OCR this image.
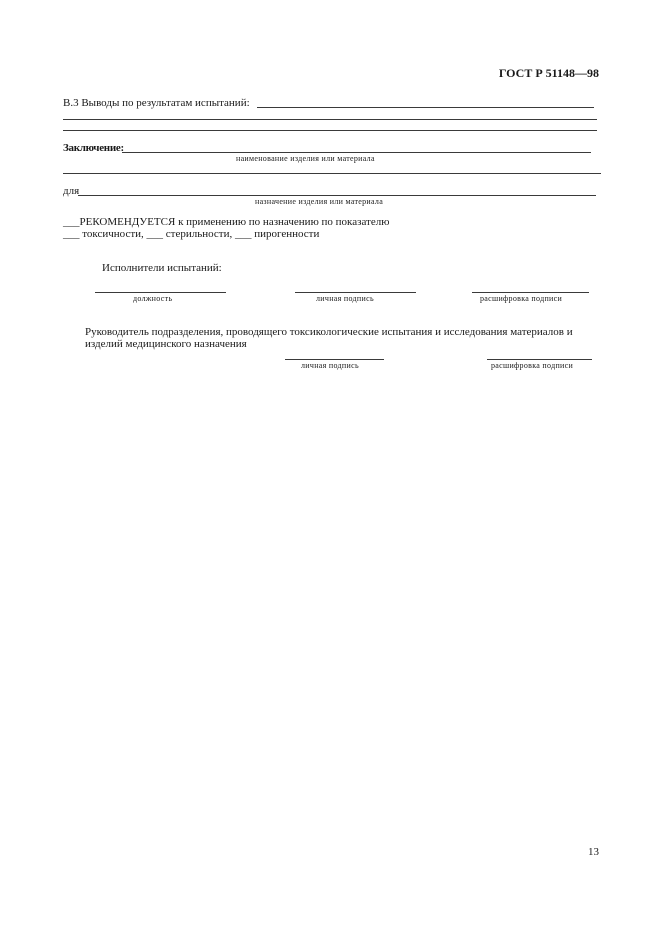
ГОСТ Р 51148—98
В.3 Выводы по результатам испытаний:
Заключение:
наименование изделия или материала
для
назначение изделия или материала
___РЕКОМЕНДУЕТСЯ к применению по назначению по показателю
___ токсичности, ___ стерильности, ___ пирогенности
Исполнители испытаний:
должность	личная подпись	расшифровка подписи
Руководитель подразделения, проводящего токсикологические испытания и исследования материалов и
изделий медицинского назначения
личная подпись	расшифровка подписи
13
